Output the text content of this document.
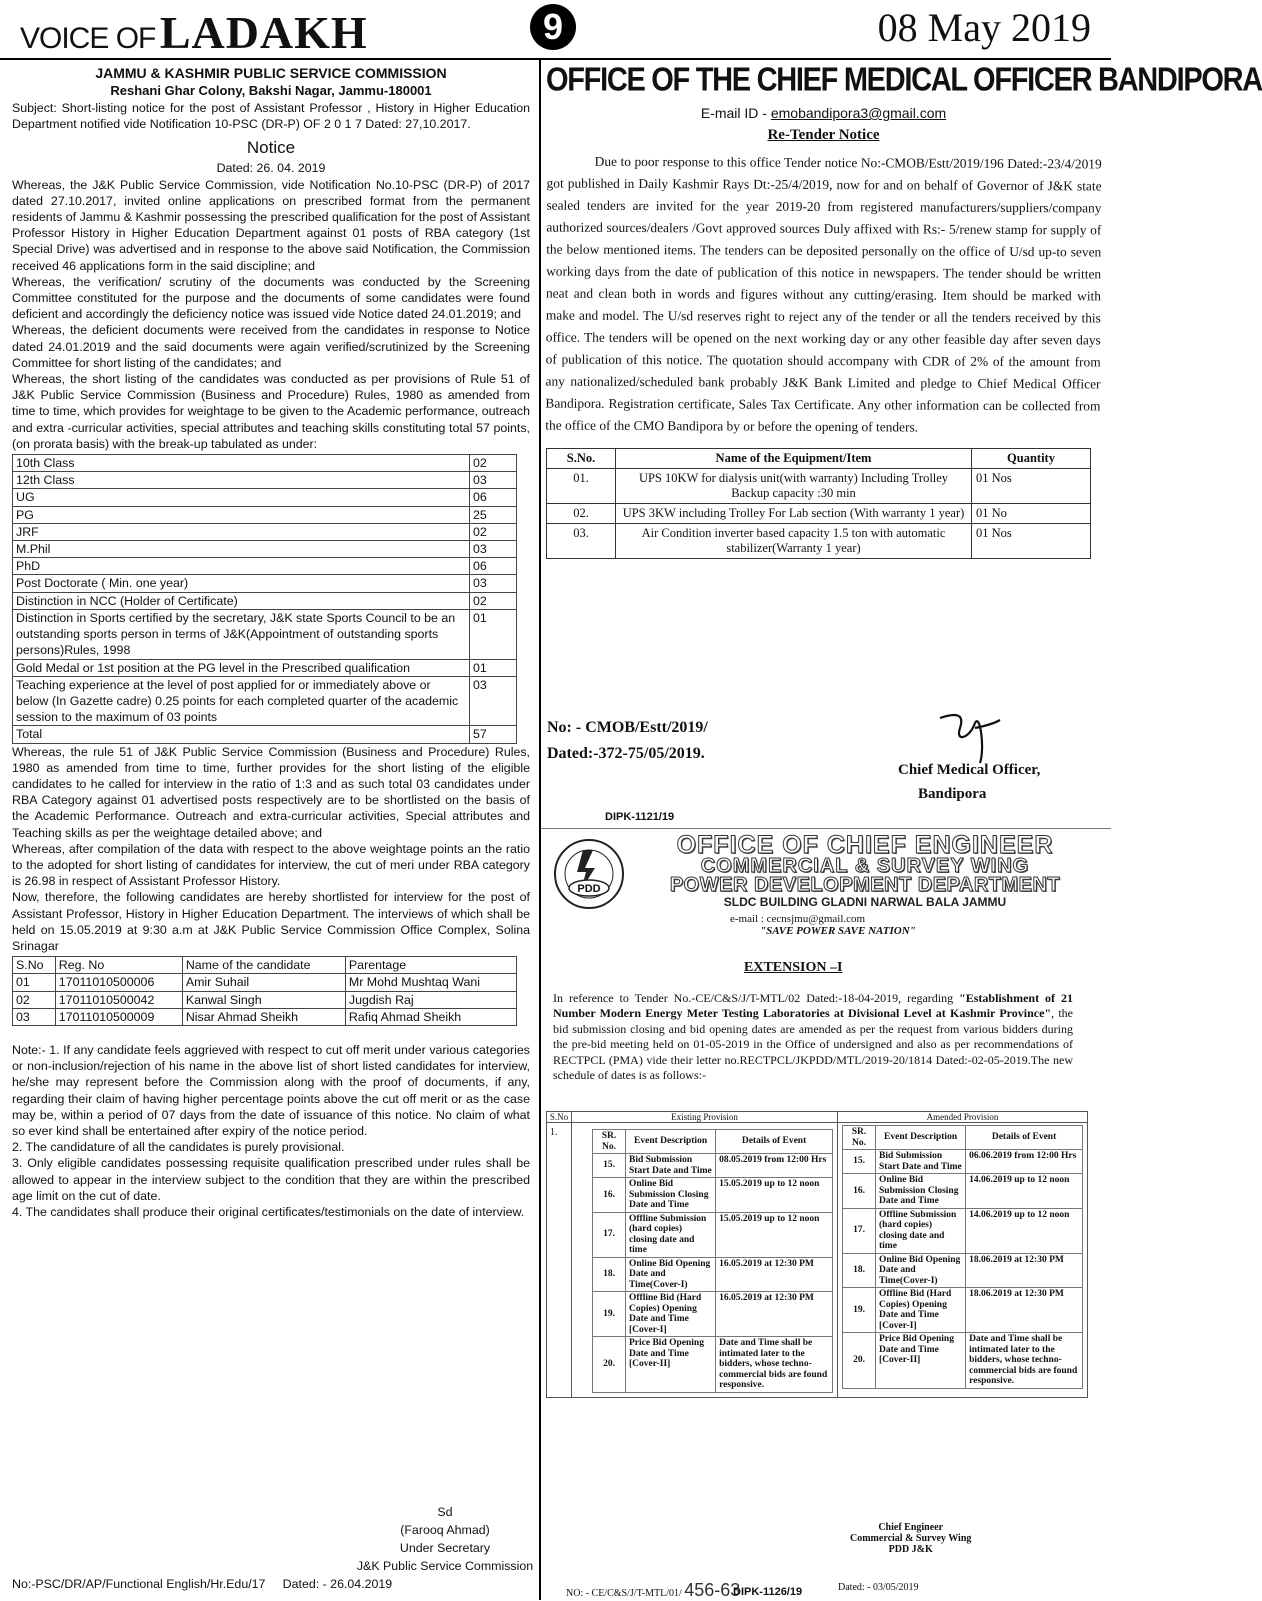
VOICE OF LADAKH	9	08 May 2019
JAMMU & KASHMIR PUBLIC SERVICE COMMISSION
Reshani Ghar Colony, Bakshi Nagar, Jammu-180001
Subject: Short-listing notice for the post of Assistant Professor , History in Higher Education Department notified vide Notification 10-PSC (DR-P) OF 2 0 1 7 Dated: 27,10.2017.
Notice
Dated: 26. 04. 2019

Whereas, the J&K Public Service Commission, vide Notification No.10-PSC (DR-P) of 2017 dated 27.10.2017, invited online applications on prescribed format from the permanent residents of Jammu & Kashmir possessing the prescribed qualification for the post of Assistant Professor History in Higher Education Department against 01 posts of RBA category (1st Special Drive) was advertised and in response to the above said Notification, the Commission received 46 applications form in the said discipline; and

Whereas, the verification/ scrutiny of the documents was conducted by the Screening Committee constituted for the purpose and the documents of some candidates were found deficient and accordingly the deficiency notice was issued vide Notice dated 24.01.2019; and

Whereas, the deficient documents were received from the candidates in response to Notice dated 24.01.2019 and the said documents were again verified/scrutinized by the Screening Committee for short listing of the candidates; and

Whereas, the short listing of the candidates was conducted as per provisions of Rule 51 of J&K Public Service Commission (Business and Procedure) Rules, 1980 as amended from time to time, which provides for weightage to be given to the Academic performance, outreach and extra -curricular activities, special attributes and teaching skills constituting total 57 points, (on prorata basis) with the break-up tabulated as under:

10th Class	02
12th Class	03
UG	06
PG	25
JRF	02
M.Phil	03
PhD	06
Post Doctorate ( Min. one year)	03
Distinction in NCC (Holder of Certificate)	02
Distinction in Sports certified by the secretary, J&K state Sports Council to be an outstanding sports person in terms of J&K(Appointment of outstanding sports persons)Rules, 1998	01
Gold Medal or 1st position at the PG level in the Prescribed qualification	01
Teaching experience at the level of post applied for or immediately above or below (In Gazette cadre) 0.25 points for each completed quarter of the academic session to the maximum of 03 points	03
Total	57

Whereas, the rule 51 of J&K Public Service Commission (Business and Procedure) Rules, 1980 as amended from time to time, further provides for the short listing of the eligible candidates to he called for interview in the ratio of 1:3 and as such total 03 candidates under RBA Category against 01 advertised posts respectively are to be shortlisted on the basis of the Academic Performance. Outreach and extra-curricular activities, Special attributes and Teaching skills as per the weightage detailed above; and

Whereas, after compilation of the data with respect to the above weightage points an the ratio to the adopted for short listing of candidates for interview, the cut of meri under RBA category is 26.98 in respect of Assistant Professor History.

Now, therefore, the following candidates are hereby shortlisted for interview for the post of Assistant Professor, History in Higher Education Department. The interviews of which shall be held on 15.05.2019 at 9:30 a.m at J&K Public Service Commission Office Complex, Solina Srinagar

S.No	Reg. No	Name of the candidate	Parentage
01	17011010500006	Amir Suhail	Mr Mohd Mushtaq Wani
02	17011010500042	Kanwal Singh	Jugdish Raj
03	17011010500009	Nisar Ahmad Sheikh	Rafiq Ahmad Sheikh

Note:- 1. If any candidate feels aggrieved with respect to cut off merit under various categories or non-inclusion/rejection of his name in the above list of short listed candidates for interview, he/she may represent before the Commission along with the proof of documents, if any, regarding their claim of having higher percentage points above the cut off merit or as the case may be, within a period of 07 days from the date of issuance of this notice. No claim of what so ever kind shall be entertained after expiry of the notice period.

2. The candidature of all the candidates is purely provisional.

3. Only eligible candidates possessing requisite qualification prescribed under rules shall be allowed to appear in the interview subject to the condition that they are within the prescribed age limit on the cut of date.

4. The candidates shall produce their original certificates/testimonials on the date of interview.

Sd
(Farooq Ahmad)
Under Secretary
J&K Public Service Commission
No:-PSC/DR/AP/Functional English/Hr.Edu/17 Dated: - 26.04.2019
OFFICE OF THE CHIEF MEDICAL OFFICER BANDIPORA
E-mail ID - emobandipora3@gmail.com
Re-Tender Notice
Due to poor response to this office Tender notice No:-CMOB/Estt/2019/196 Dated:-23/4/2019 got published in Daily Kashmir Rays Dt:-25/4/2019, now for and on behalf of Governor of J&K state sealed tenders are invited for the year 2019-20 from registered manufacturers/suppliers/company authorized sources/dealers /Govt approved sources Duly affixed with Rs:- 5/renew stamp for supply of the below mentioned items. The tenders can be deposited personally on the office of U/sd up-to seven working days from the date of publication of this notice in newspapers. The tender should be written neat and clean both in words and figures without any cutting/erasing. Item should be marked with make and model. The U/sd reserves right to reject any of the tender or all the tenders received by this office. The tenders will be opened on the next working day or any other feasible day after seven days of publication of this notice. The quotation should accompany with CDR of 2% of the amount from any nationalized/scheduled bank probably J&K Bank Limited and pledge to Chief Medical Officer Bandipora. Registration certificate, Sales Tax Certificate. Any other information can be collected from the office of the CMO Bandipora by or before the opening of tenders.
S.No.	Name of the Equipment/Item	Quantity
01.	UPS 10KW for dialysis unit(with warranty) Including Trolley Backup capacity :30 min	01 Nos
02.	UPS 3KW including Trolley For Lab section (With warranty 1 year)	01 No
03.	Air Condition inverter based capacity 1.5 ton with automatic stabilizer(Warranty 1 year)	01 Nos
No: - CMOB/Estt/2019/
Dated:-372-75/05/2019.
Chief Medical Officer,
Bandipora
DIPK-1121/19
PDD
OFFICE OF CHIEF ENGINEER
COMMERCIAL & SURVEY WING
POWER DEVELOPMENT DEPARTMENT
SLDC BUILDING GLADNI NARWAL BALA JAMMU
e-mail : cecnsjmu@gmail.com
"SAVE POWER SAVE NATION"
EXTENSION –I
In reference to Tender No.-CE/C&S/J/T-MTL/02 Dated:-18-04-2019, regarding "Establishment of 21 Number Modern Energy Meter Testing Laboratories at Divisional Level at Kashmir Province", the bid submission closing and bid opening dates are amended as per the request from various bidders during the pre-bid meeting held on 01-05-2019 in the Office of undersigned and also as per recommendations of RECTPCL (PMA) vide their letter no.RECTPCL/JKPDD/MTL/2019-20/1814 Dated:-02-05-2019.The new schedule of dates is as follows:-
S.No	Existing Provision	Amended Provision
1.		SR. No.	Event Description	Details of Event
15.	Bid Submission Start Date and Time	08.05.2019 from 12:00 Hrs
16.	Online Bid Submission Closing Date and Time	15.05.2019 up to 12 noon
17.	Offline Submission (hard copies) closing date and time	15.05.2019 up to 12 noon
18.	Online Bid Opening Date and Time(Cover-I)	16.05.2019 at 12:30 PM
19.	Offline Bid (Hard Copies) Opening Date and Time [Cover-I]	16.05.2019 at 12:30 PM
20.	Price Bid Opening Date and Time [Cover-II]	Date and Time shall be intimated later to the bidders, whose techno-commercial bids are found responsive.

SR. No.	Event Description	Details of Event
15.	Bid Submission Start Date and Time	06.06.2019 from 12:00 Hrs
16.	Online Bid Submission Closing Date and Time	14.06.2019 up to 12 noon
17.	Offline Submission (hard copies) closing date and time	14.06.2019 up to 12 noon
18.	Online Bid Opening Date and Time(Cover-I)	18.06.2019 at 12:30 PM
19.	Offline Bid (Hard Copies) Opening Date and Time [Cover-I]	18.06.2019 at 12:30 PM
20.	Price Bid Opening Date and Time [Cover-II]	Date and Time shall be intimated later to the bidders, whose techno-commercial bids are found responsive.
Chief Engineer
Commercial & Survey Wing
PDD J&K
NO: - CE/C&S/J/T-MTL/01/ 456-63
DIPK-1126/19	Dated: - 03/05/2019
